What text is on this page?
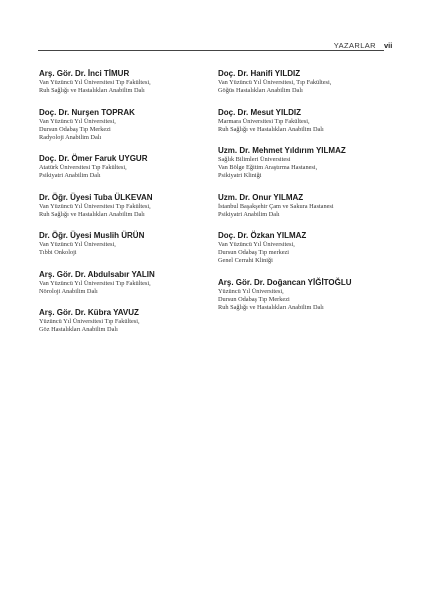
YAZARLAR vii
Arş. Gör. Dr. İnci TİMUR
Van Yüzüncü Yıl Üniversitesi Tıp Fakültesi,
Ruh Sağlığı ve Hastalıkları Anabilim Dalı
Doç. Dr. Nurşen TOPRAK
Van Yüzüncü Yıl Üniversitesi,
Dursun Odabaş Tıp Merkezi
Radyoloji Anabilim Dalı
Doç. Dr. Ömer Faruk UYGUR
Atatürk Üniversitesi Tıp Fakültesi,
Psikiyatri Anabilim Dalı
Dr. Öğr. Üyesi Tuba ÜLKEVAN
Van Yüzüncü Yıl Üniversitesi Tıp Fakültesi,
Ruh Sağlığı ve Hastalıkları Anabilim Dalı
Dr. Öğr. Üyesi Muslih ÜRÜN
Van Yüzüncü Yıl Üniversitesi,
Tıbbi Onkoloji
Arş. Gör. Dr. Abdulsabır YALIN
Van Yüzüncü Yıl Üniversitesi Tıp Fakültesi,
Nöroloji Anabilim Dalı
Arş. Gör. Dr. Kübra YAVUZ
Yüzüncü Yıl Üniversitesi Tıp Fakültesi,
Göz Hastalıkları Anabilim Dalı
Doç. Dr. Hanifi YILDIZ
Van Yüzüncü Yıl Üniversitesi, Tıp Fakültesi,
Göğüs Hastalıkları Anabilim Dalı
Doç. Dr. Mesut YILDIZ
Marmara Üniversitesi Tıp Fakültesi,
Ruh Sağlığı ve Hastalıkları Anabilim Dalı
Uzm. Dr. Mehmet Yıldırım YILMAZ
Sağlık Bilimleri Üniversitesi
Van Bölge Eğitim Araştırma Hastanesi,
Psikiyatri Kliniği
Uzm. Dr. Onur YILMAZ
İstanbul Başakşehir Çam ve Sakura Hastanesi
Psikiyatri Anabilim Dalı
Doç. Dr. Özkan YILMAZ
Van Yüzüncü Yıl Üniversitesi,
Dursun Odabaş Tıp merkezi
Genel Cerrahi Kliniği
Arş. Gör. Dr. Doğancan YİĞİTOĞLU
Yüzüncü Yıl Üniversitesi,
Dursun Odabaş Tıp Merkezi
Ruh Sağlığı ve Hastalıkları Anabilim Dalı
